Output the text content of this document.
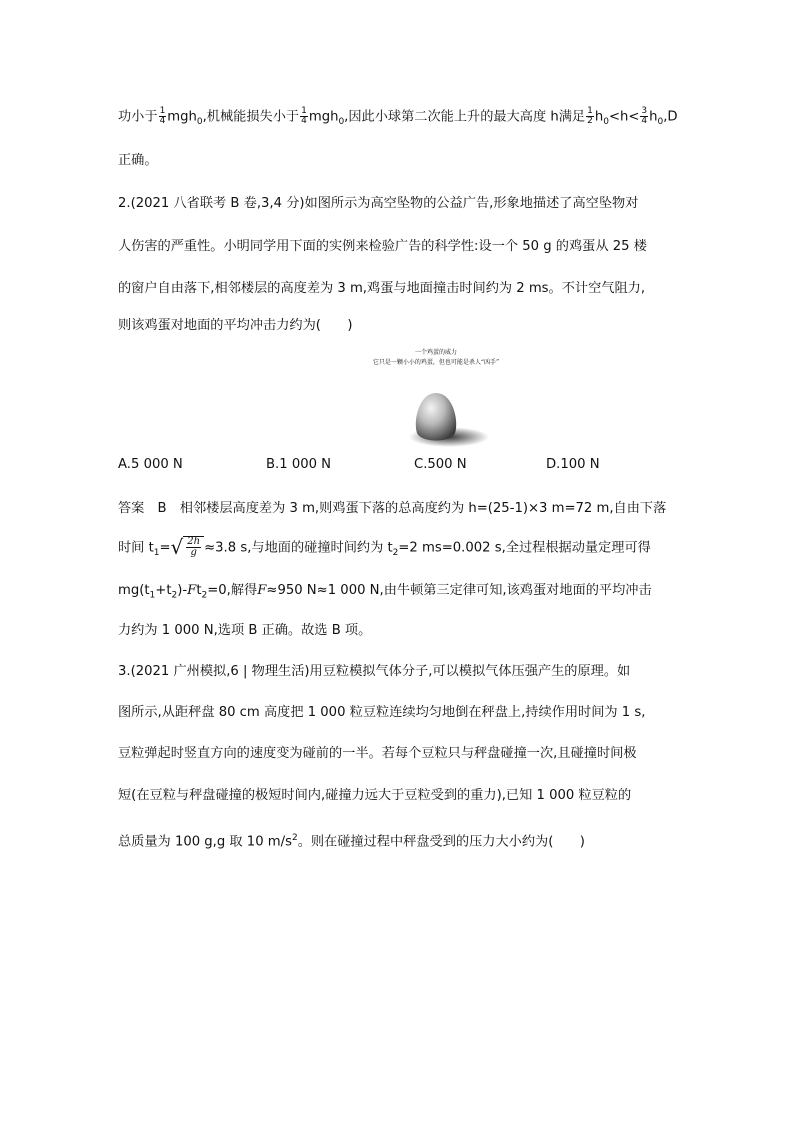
功小于 $\frac{1}{4} mgh_0$,机械能损失小于 $\frac{1}{4} mgh_0$,因此小球第二次能上升的最大高度 h满足 $\frac{1}{2} h_0<h< \frac{3}{4} h_0,D$
正确。
2.(2021 八省联考 B 卷,3,4 分)如图所示为高空坠物的公益广告,形象地描述了高空坠物对
人伤害的严重性。小明同学用下面的实例来检验广告的科学性:设一个 50 g 的鸡蛋从 25 楼
的窗户自由落下,相邻楼层的高度差为 3 m,鸡蛋与地面撞击时间约为 2 ms。不计空气阻力,
则该鸡蛋对地面的平均冲击力约为(　　)
一个鸡蛋的威力
它只是一颗小小的鸡蛋，但也可能是杀人“凶手”
A.5 000 N	B.1 000 N	C.500 N	D.100 N
答案　B　相邻楼层高度差为 3 m,则鸡蛋下落的总高度约为 h=(25-1)×3 m=72 m,自由下落
时间 $t_1=√ \frac{2h}{g} \approx 3.8$ s,与地面的碰撞时间约为 $t_2=2$ ms=0.002 s,全过程根据动量定理可得
$mg(t_1+t_2)-Ft_2=0$,解得F≈950 N≈1 000 N,由牛顿第三定律可知,该鸡蛋对地面的平均冲击
力约为 1 000 N,选项 B 正确。故选 B 项。
3.(2021 广州模拟,6 | 物理生活)用豆粒模拟气体分子,可以模拟气体压强产生的原理。如
图所示,从距秤盘 80 cm 高度把 1 000 粒豆粒连续均匀地倒在秤盘上,持续作用时间为 1 s,
豆粒弹起时竖直方向的速度变为碰前的一半。若每个豆粒只与秤盘碰撞一次,且碰撞时间极
短(在豆粒与秤盘碰撞的极短时间内,碰撞力远大于豆粒受到的重力),已知 1 000 粒豆粒的
总质量为 100 g,g 取 10 $m/s^2$。则在碰撞过程中秤盘受到的压力大小约为(　　)
